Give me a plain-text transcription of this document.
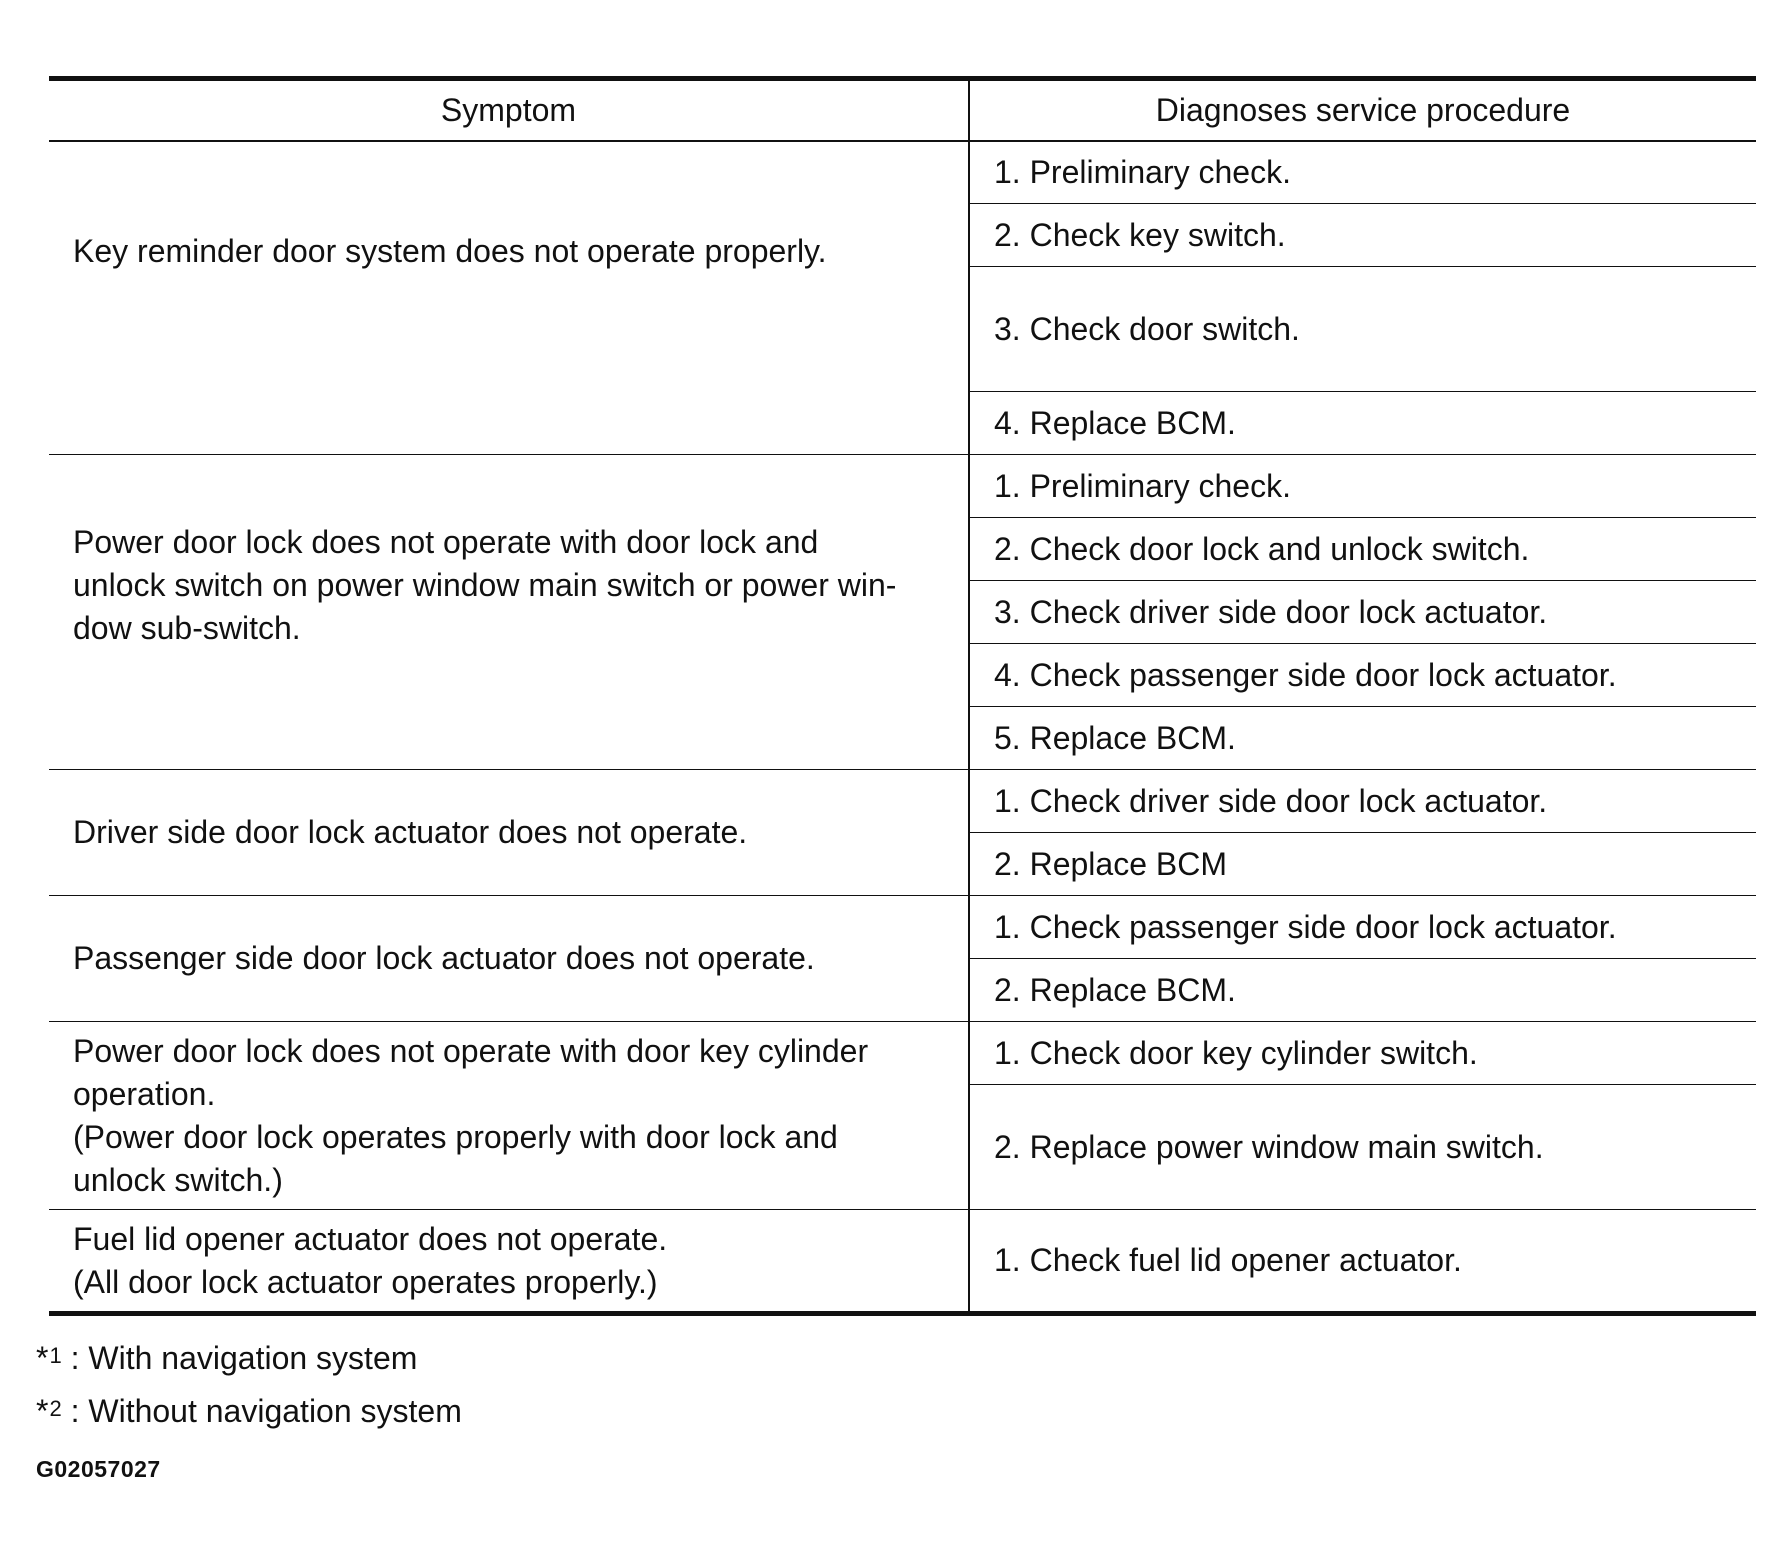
Symptom	Diagnoses service procedure

Key reminder door system does not operate properly.	1. Preliminary check.
	2. Check key switch.
	3. Check door switch.
	4. Replace BCM.

Power door lock does not operate with door lock and
unlock switch on power window main switch or power win-
dow sub-switch.	1. Preliminary check.
	2. Check door lock and unlock switch.
	3. Check driver side door lock actuator.
	4. Check passenger side door lock actuator.
	5. Replace BCM.

Driver side door lock actuator does not operate.	1. Check driver side door lock actuator.
	2. Replace BCM

Passenger side door lock actuator does not operate.	1. Check passenger side door lock actuator.
	2. Replace BCM.

Power door lock does not operate with door key cylinder
operation.
(Power door lock operates properly with door lock and
unlock switch.)	1. Check door key cylinder switch.
	2. Replace power window main switch.

Fuel lid opener actuator does not operate.
(All door lock actuator operates properly.)	1. Check fuel lid opener actuator.
*$^1$ : With navigation system
*$^2$ : Without navigation system
G02057027
